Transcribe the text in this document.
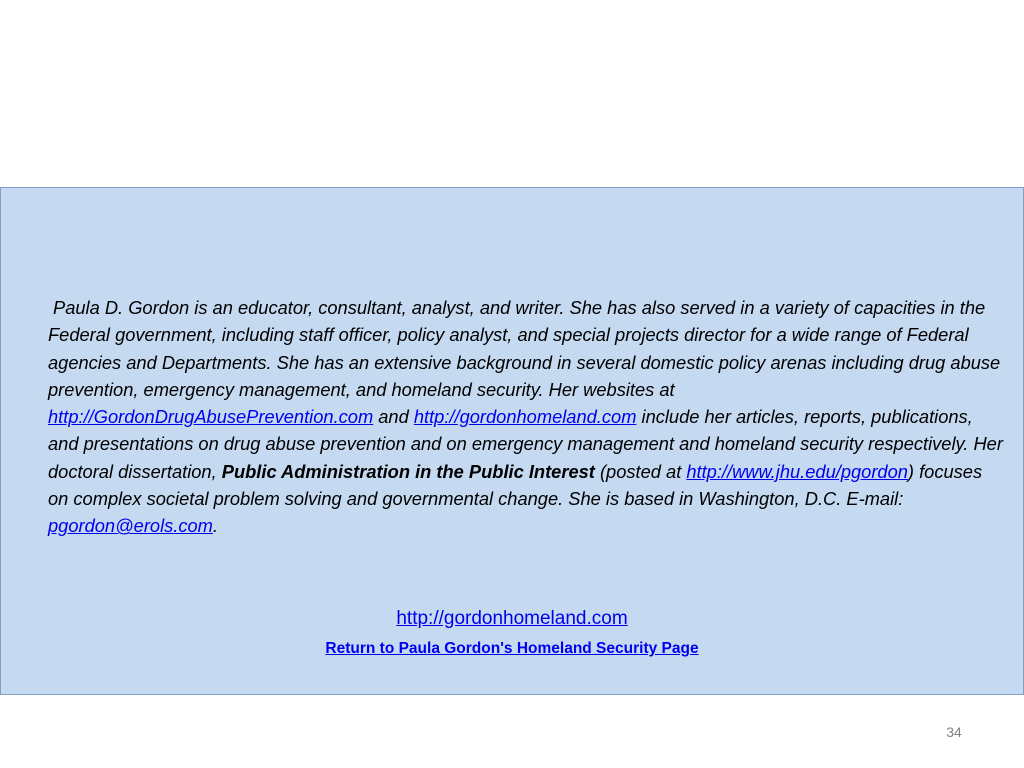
Paula D. Gordon is an educator, consultant, analyst, and writer. She has also served in a variety of capacities in the Federal government, including staff officer, policy analyst, and special projects director for a wide range of Federal agencies and Departments. She has an extensive background in several domestic policy arenas including drug abuse prevention, emergency management, and homeland security. Her websites at http://GordonDrugAbusePrevention.com and http://gordonhomeland.com include her articles, reports, publications, and presentations on drug abuse prevention and on emergency management and homeland security respectively. Her doctoral dissertation, Public Administration in the Public Interest (posted at http://www.jhu.edu/pgordon) focuses on complex societal problem solving and governmental change. She is based in Washington, D.C. E-mail: pgordon@erols.com.

http://gordonhomeland.com
Return to Paula Gordon's Homeland Security Page
34
